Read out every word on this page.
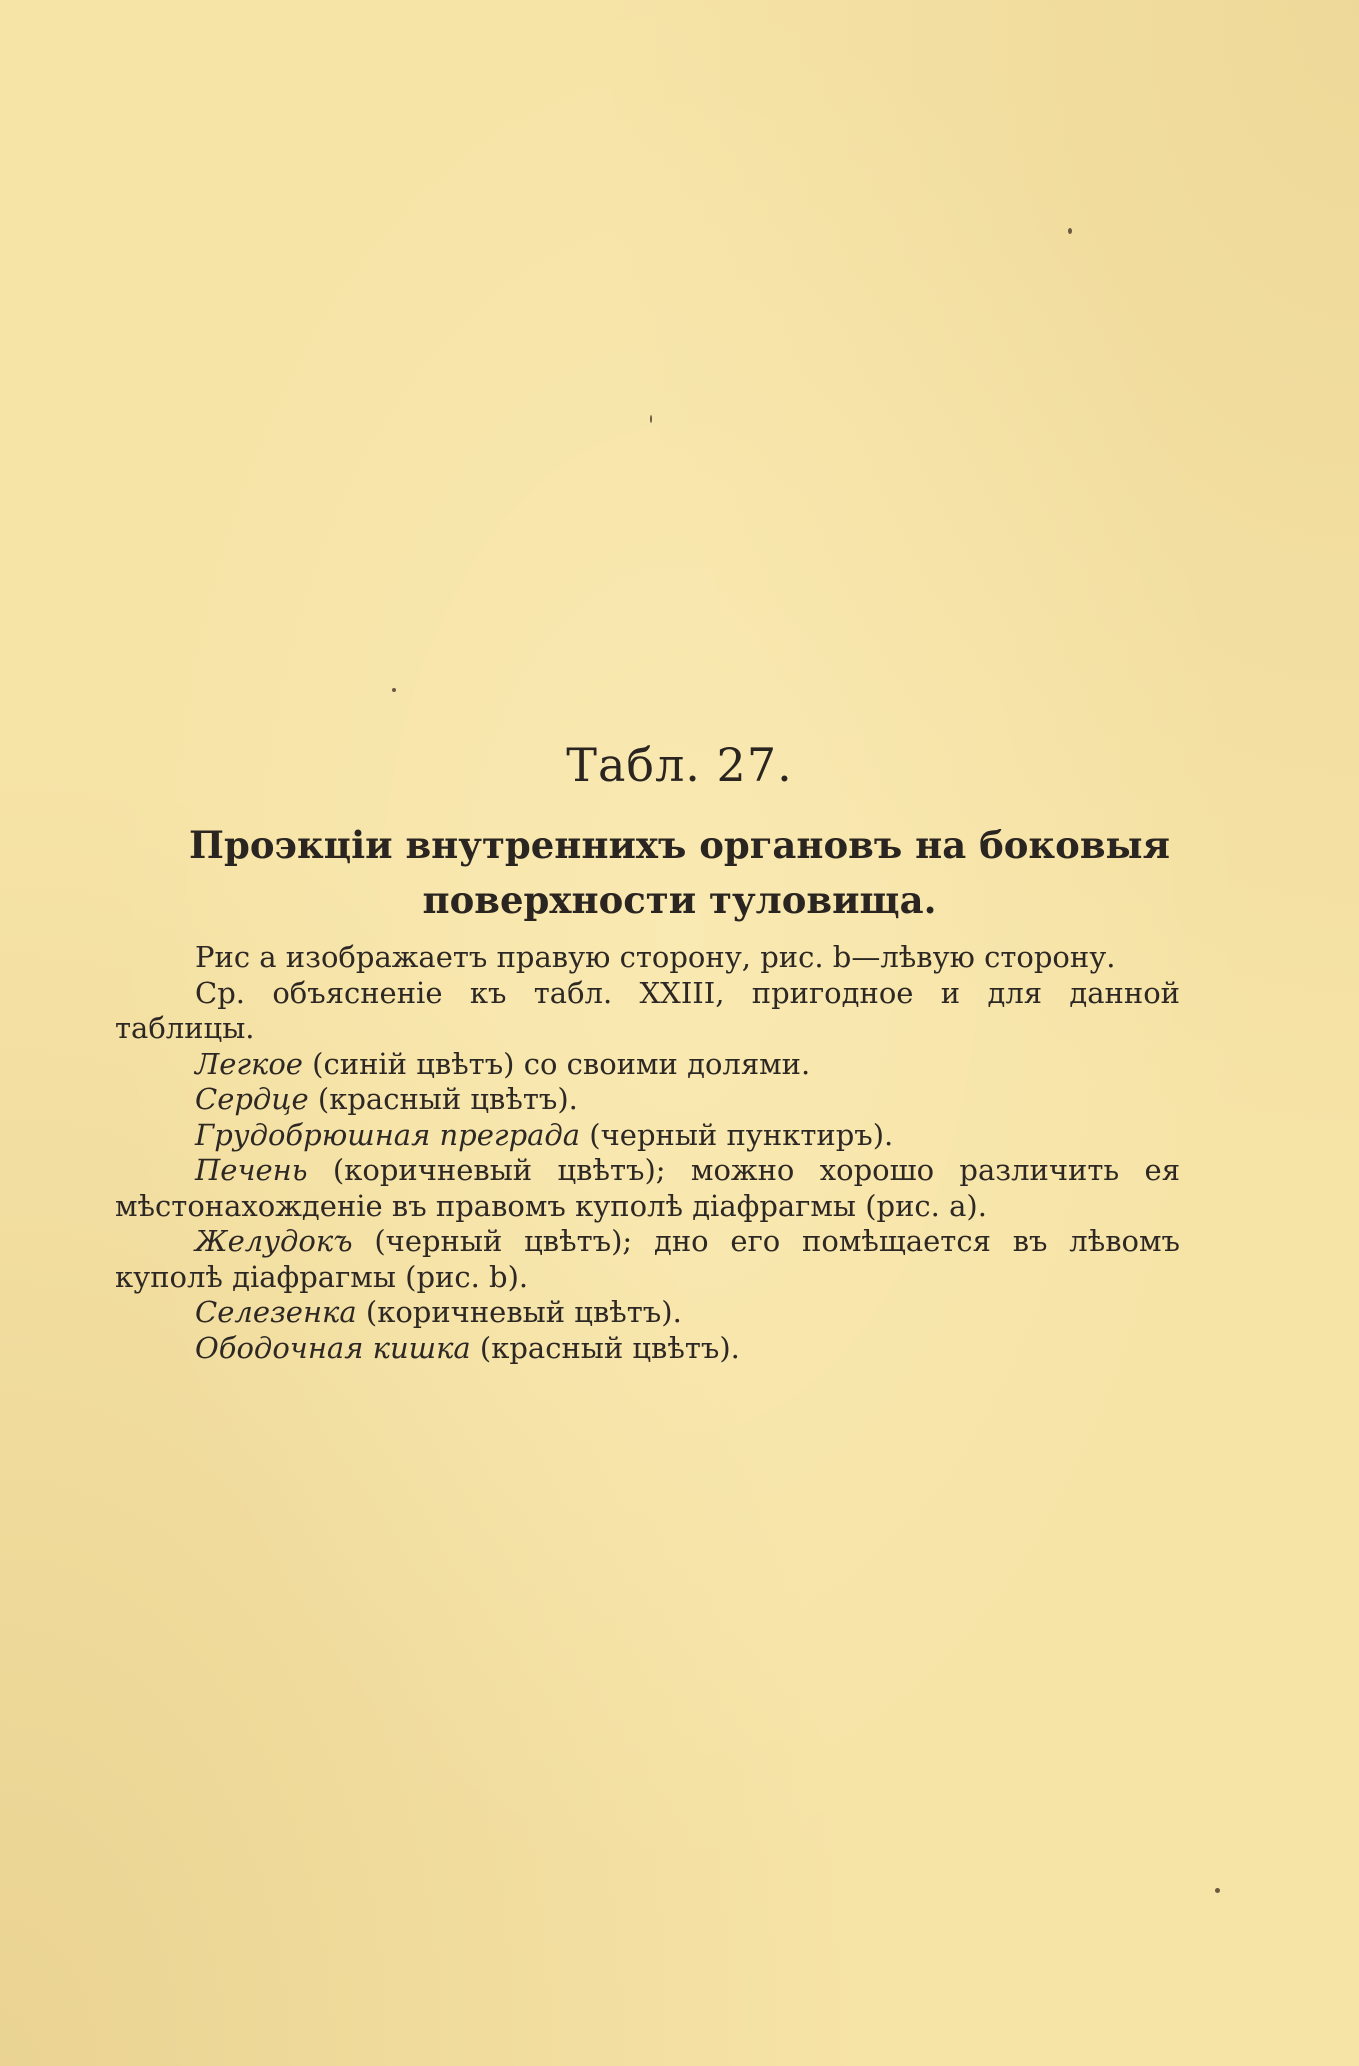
Табл. 27.
Проэкціи внутреннихъ органовъ на боковыя
поверхности туловища.

Рис а изображаетъ правую сторону, рис. b—лѣвую сторону.

Ср. объясненіе къ табл. XXIII, пригодное и для данной таблицы.

Легкое (синій цвѣтъ) со своими долями.

Сердце (красный цвѣтъ).

Грудобрюшная преграда (черный пунктиръ).

Печень (коричневый цвѣтъ); можно хорошо различить ея мѣстонахожденіе въ правомъ куполѣ діафрагмы (рис. а).

Желудокъ (черный цвѣтъ); дно его помѣщается въ лѣвомъ куполѣ діафрагмы (рис. b).

Селезенка (коричневый цвѣтъ).

Ободочная кишка (красный цвѣтъ).
